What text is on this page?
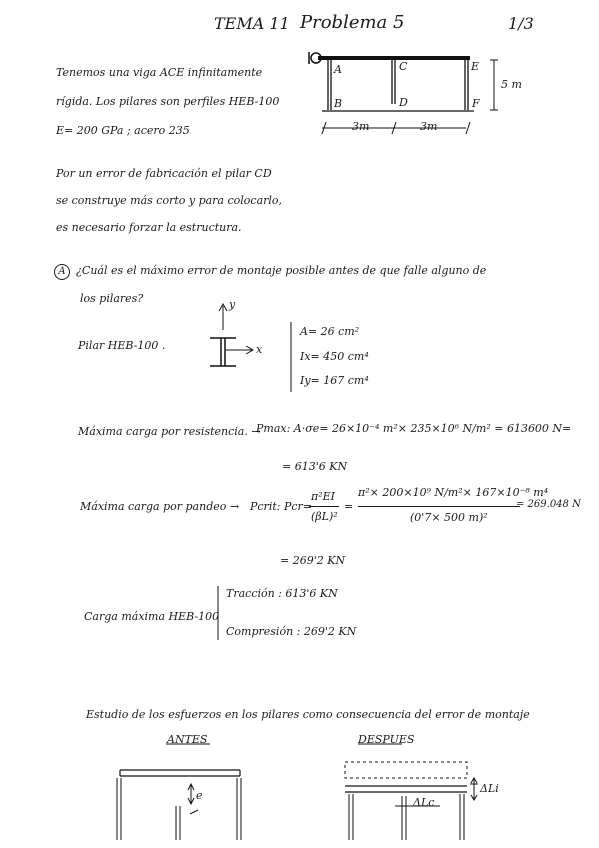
TEMA 11 Problema 5	1/3
Tenemos una viga ACE infinitamente
rígida. Los pilares son perfiles HEB-100
E= 200 GPa ; acero 235
A
B
C
D
E
F
5 m
3m	3m
Por un error de fabricación el pilar CD
se construye más corto y para colocarlo,
es necesario forzar la estructura.
A ¿Cuál es el máximo error de montaje posible antes de que falle alguno de
los pilares?
Pilar HEB-100 .
y
x
A= 26 cm²
Ix= 450 cm⁴
Iy= 167 cm⁴
Máxima carga por resistencia. →
Pmax: A·σe= 26×10⁻⁴ m²× 235×10⁶ N/m² = 613600 N=
= 613'6 KN
Máxima carga por pandeo → Pcrit: Pcr=
π²EI
(βL)²
=
π²× 200×10⁹ N/m²× 167×10⁻⁸ m⁴
(0'7× 500 m)²
= 269.048 N
= 269'2 KN
Carga máxima HEB-100
Tracción : 613'6 KN
Compresión : 269'2 KN
Estudio de los esfuerzos en los pilares como consecuencia del error de montaje
ANTES	DESPUES
e
ΔLc
ΔLi
